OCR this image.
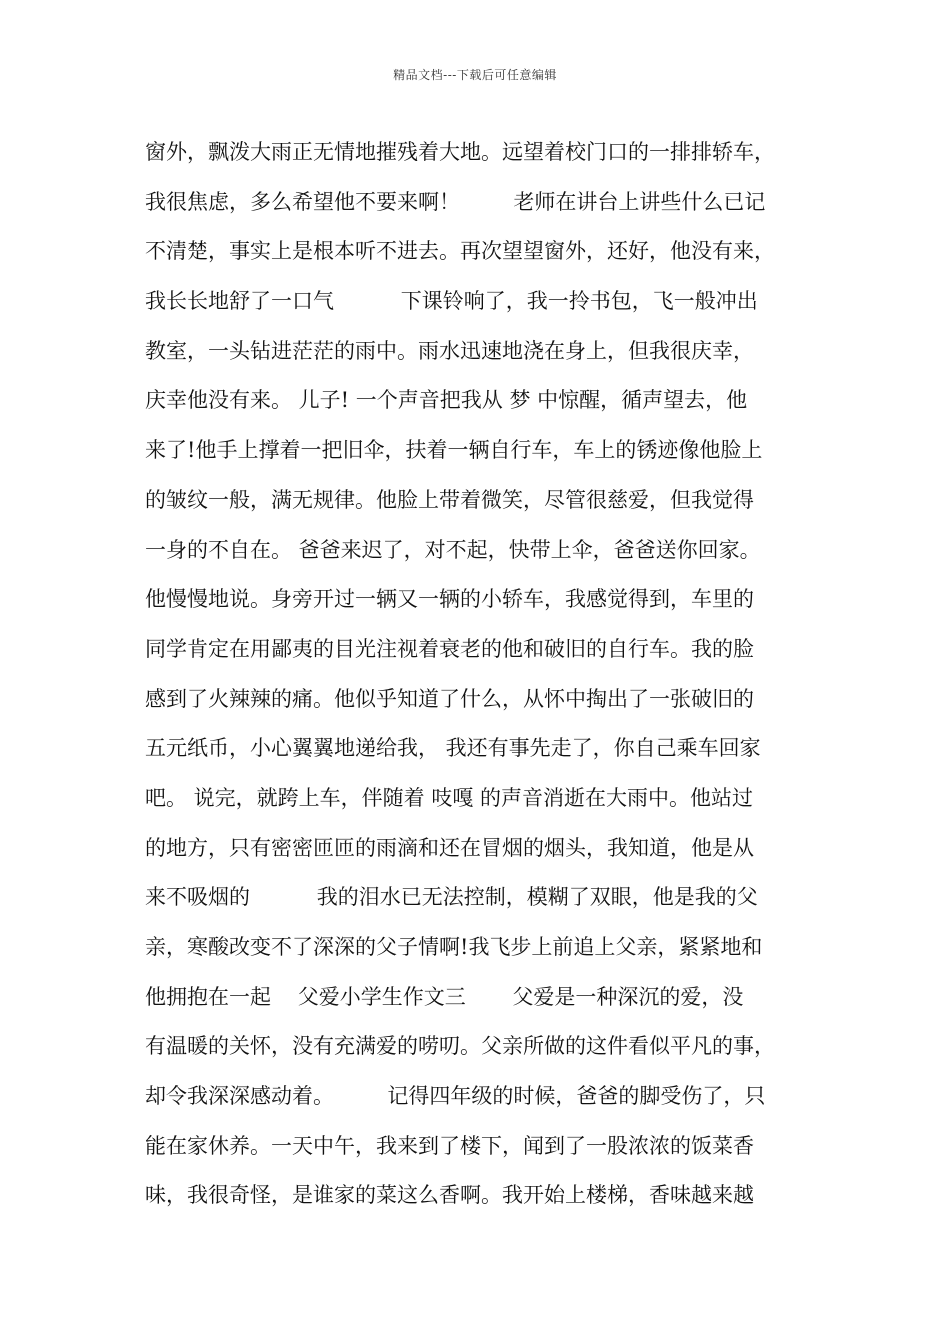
精品文档---下载后可任意编辑
窗外，飘泼大雨正无情地摧残着大地。远望着校门口的一排排轿车，
我很焦虑，多么希望他不要来啊！        老师在讲台上讲些什么已记
不清楚，事实上是根本听不进去。再次望望窗外，还好，他没有来，
我长长地舒了一口气          下课铃响了，我一拎书包，飞一般冲出
教室，一头钻进茫茫的雨中。雨水迅速地浇在身上，但我很庆幸，
庆幸他没有来。 儿子! 一个声音把我从 梦 中惊醒，循声望去，他
来了!他手上撑着一把旧伞，扶着一辆自行车，车上的锈迹像他脸上
的皱纹一般，满无规律。他脸上带着微笑，尽管很慈爱，但我觉得
一身的不自在。 爸爸来迟了，对不起，快带上伞，爸爸送你回家。
他慢慢地说。身旁开过一辆又一辆的小轿车，我感觉得到，车里的
同学肯定在用鄙夷的目光注视着衰老的他和破旧的自行车。我的脸
感到了火辣辣的痛。他似乎知道了什么，从怀中掏出了一张破旧的
五元纸币，小心翼翼地递给我， 我还有事先走了，你自己乘车回家
吧。 说完，就跨上车，伴随着 吱嘎 的声音消逝在大雨中。他站过
的地方，只有密密匝匝的雨滴和还在冒烟的烟头，我知道，他是从
来不吸烟的          我的泪水已无法控制，模糊了双眼，他是我的父
亲，寒酸改变不了深深的父子情啊!我飞步上前追上父亲，紧紧地和
他拥抱在一起    父爱小学生作文三       父爱是一种深沉的爱，没
有温暖的关怀，没有充满爱的唠叨。父亲所做的这件看似平凡的事，
却令我深深感动着。        记得四年级的时候，爸爸的脚受伤了，只
能在家休养。一天中午，我来到了楼下，闻到了一股浓浓的饭菜香
味，我很奇怪，是谁家的菜这么香啊。我开始上楼梯，香味越来越
